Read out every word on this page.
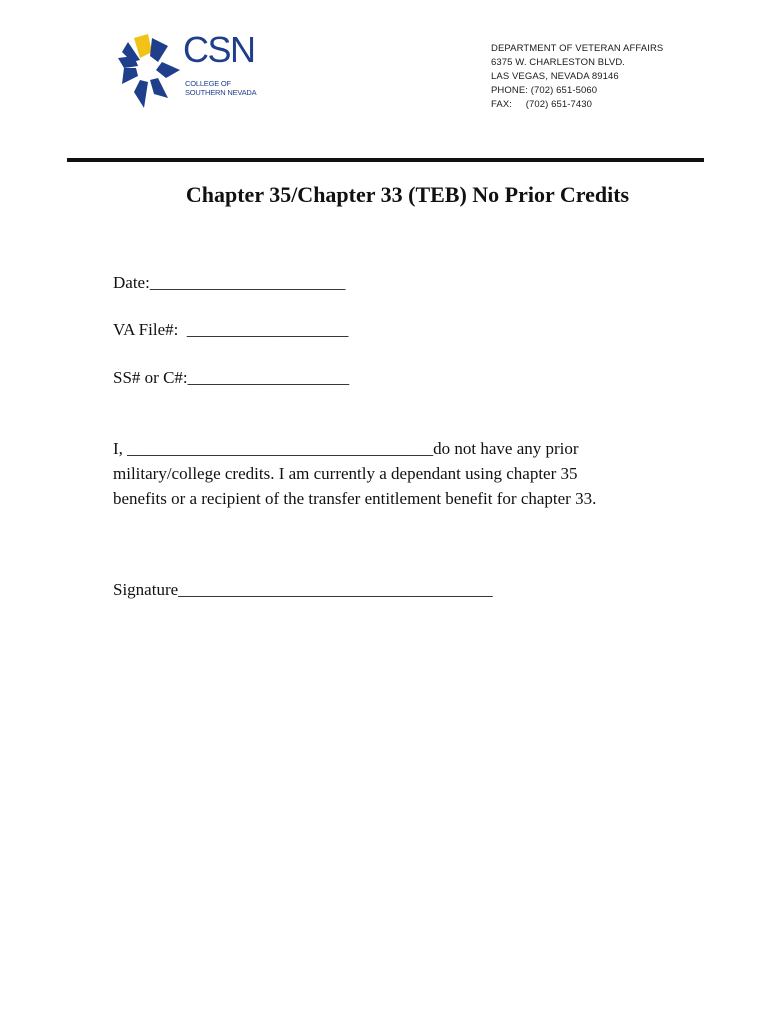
CSN
COLLEGE OF
SOUTHERN NEVADA
DEPARTMENT OF VETERAN AFFAIRS
6375 W. CHARLESTON BLVD.
LAS VEGAS, NEVADA 89146
PHONE: (702) 651-5060
FAX:     (702) 651-7430
Chapter 35/Chapter 33 (TEB) No Prior Credits
Date:_______________________
VA File#:  ___________________
SS# or C#:___________________
I, ____________________________________do not have any prior
military/college credits. I am currently a dependant using chapter 35
benefits or a recipient of the transfer entitlement benefit for chapter 33.
Signature_____________________________________
